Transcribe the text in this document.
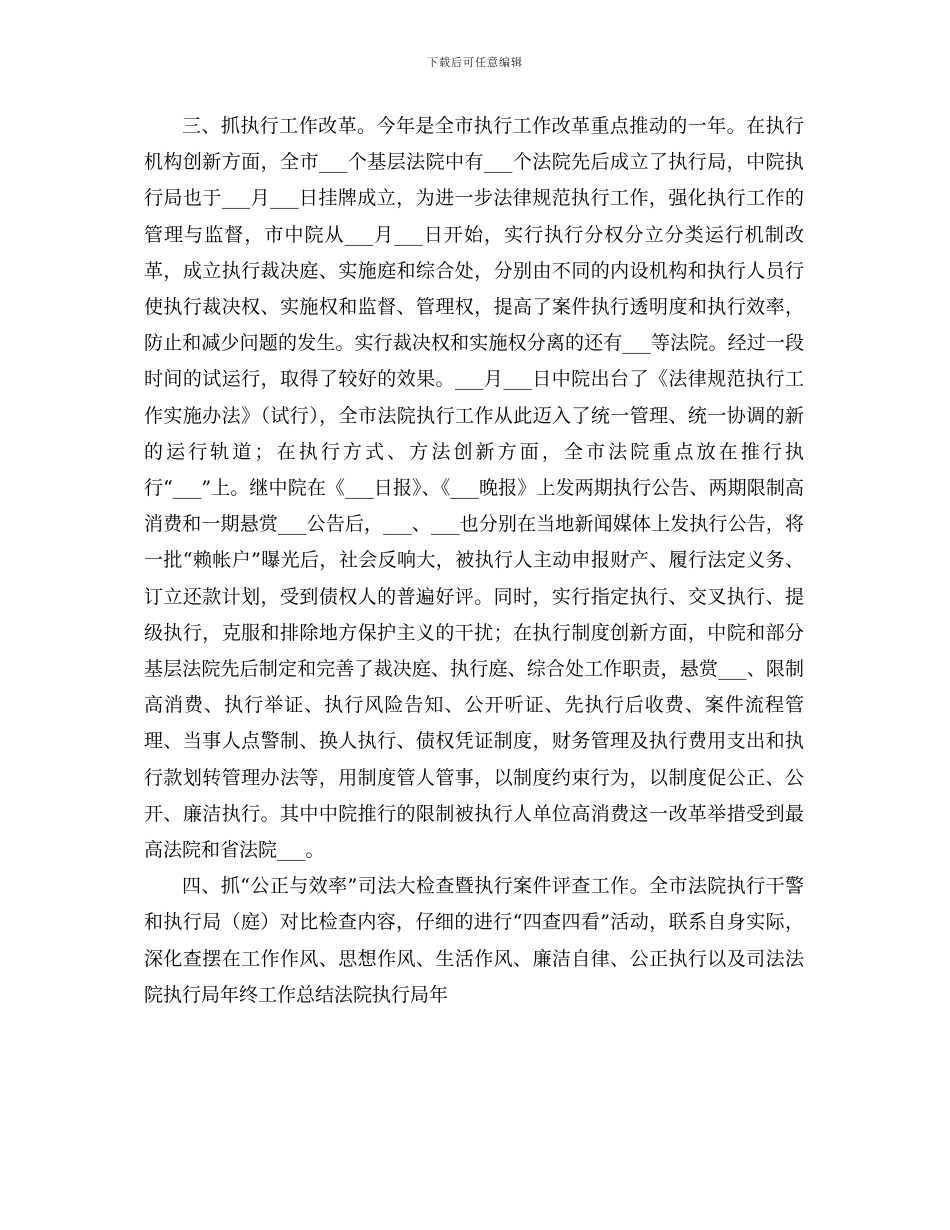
下载后可任意编辑

三、抓执行工作改革。今年是全市执行工作改革重点推动的一年。在执行机构创新方面，全市___个基层法院中有___个法院先后成立了执行局，中院执行局也于___月___日挂牌成立，为进一步法律规范执行工作，强化执行工作的管理与监督，市中院从___月___日开始，实行执行分权分立分类运行机制改革，成立执行裁决庭、实施庭和综合处，分别由不同的内设机构和执行人员行使执行裁决权、实施权和监督、管理权，提高了案件执行透明度和执行效率，防止和减少问题的发生。实行裁决权和实施权分离的还有___等法院。经过一段时间的试运行，取得了较好的效果。___月___日中院出台了《法律规范执行工作实施办法》（试行），全市法院执行工作从此迈入了统一管理、统一协调的新的运行轨道；在执行方式、方法创新方面，全市法院重点放在推行执行“___”上。继中院在《___日报》、《___晚报》上发两期执行公告、两期限制高消费和一期悬赏___公告后，___、___也分别在当地新闻媒体上发执行公告，将一批“赖帐户”曝光后，社会反响大，被执行人主动申报财产、履行法定义务、订立还款计划，受到债权人的普遍好评。同时，实行指定执行、交叉执行、提级执行，克服和排除地方保护主义的干扰；在执行制度创新方面，中院和部分基层法院先后制定和完善了裁决庭、执行庭、综合处工作职责，悬赏___、限制高消费、执行举证、执行风险告知、公开听证、先执行后收费、案件流程管理、当事人点警制、换人执行、债权凭证制度，财务管理及执行费用支出和执行款划转管理办法等，用制度管人管事，以制度约束行为，以制度促公正、公开、廉洁执行。其中中院推行的限制被执行人单位高消费这一改革举措受到最高法院和省法院___。

四、抓“公正与效率”司法大检查暨执行案件评查工作。全市法院执行干警和执行局（庭）对比检查内容，仔细的进行“四查四看”活动，联系自身实际，深化查摆在工作作风、思想作风、生活作风、廉洁自律、公正执行以及司法法院执行局年终工作总结法院执行局年
